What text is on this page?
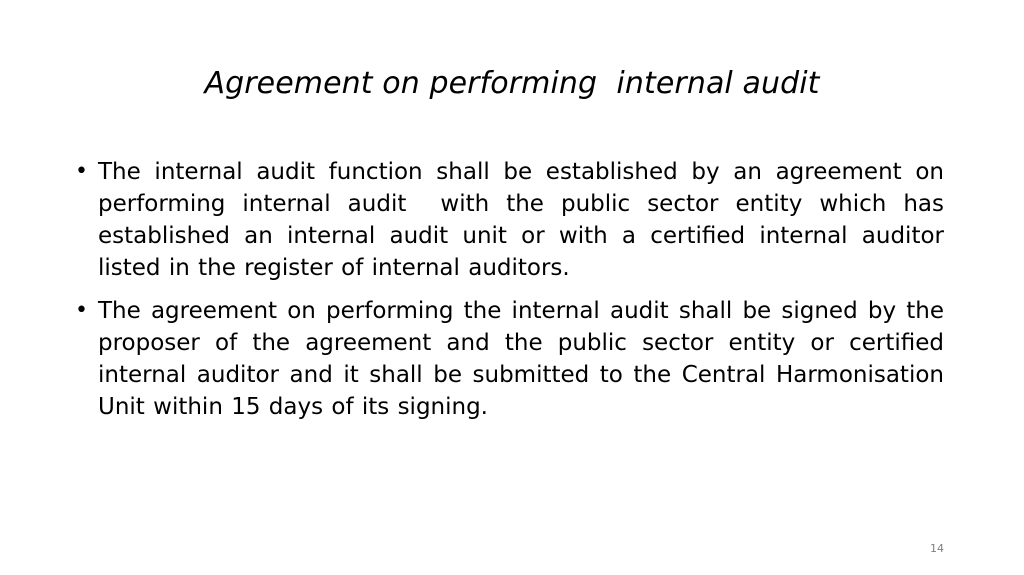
Agreement on performing  internal audit
• The internal audit function shall be established by an agreement on performing internal audit  with the public sector entity which has established an internal audit unit or with a certified internal auditor listed in the register of internal auditors.
• The agreement on performing the internal audit shall be signed by the proposer of the agreement and the public sector entity or certified internal auditor and it shall be submitted to the Central Harmonisation Unit within 15 days of its signing.
14
